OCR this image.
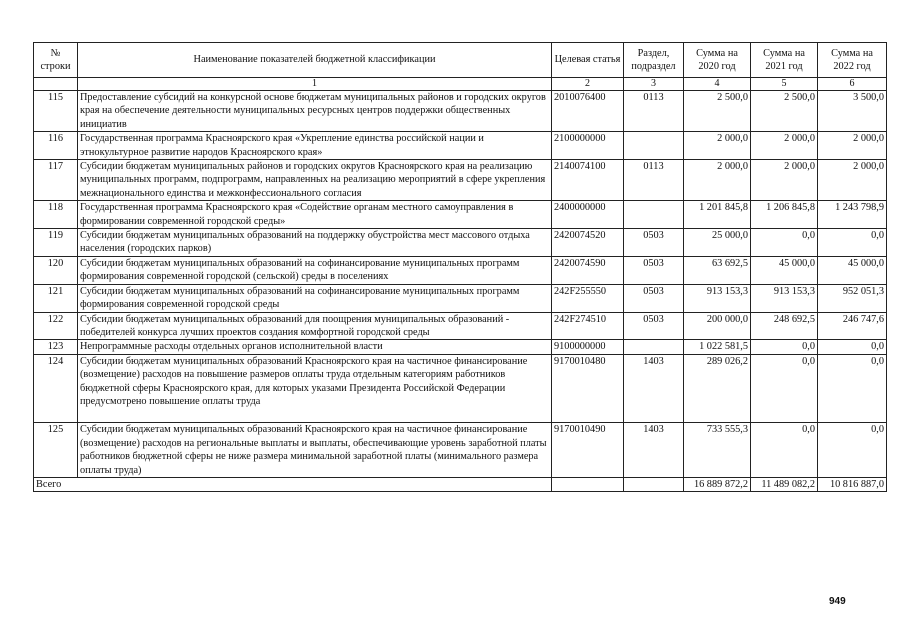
№ строки	Наименование показателей бюджетной классификации	Целевая статья	Раздел, подраздел	Сумма на 2020 год	Сумма на 2021 год	Сумма на 2022 год
	1	2	3	4	5	6
115	Предоставление субсидий на конкурсной основе бюджетам муниципальных районов и городских округов края на обеспечение деятельности муниципальных ресурсных центров поддержки общественных инициатив	2010076400	0113	2 500,0	2 500,0	3 500,0
116	Государственная программа Красноярского края «Укрепление единства российской нации и этнокультурное развитие народов Красноярского края»	2100000000		2 000,0	2 000,0	2 000,0
117	Субсидии бюджетам муниципальных районов и городских округов Красноярского края на реализацию муниципальных программ, подпрограмм, направленных на реализацию мероприятий в сфере укрепления межнационального единства и межконфессионального согласия	2140074100	0113	2 000,0	2 000,0	2 000,0
118	Государственная программа Красноярского края «Содействие органам местного самоуправления в формировании современной городской среды»	2400000000		1 201 845,8	1 206 845,8	1 243 798,9
119	Субсидии бюджетам муниципальных образований на поддержку обустройства мест массового отдыха населения (городских парков)	2420074520	0503	25 000,0	0,0	0,0
120	Субсидии бюджетам муниципальных образований на софинансирование муниципальных программ формирования современной городской (сельской) среды в поселениях	2420074590	0503	63 692,5	45 000,0	45 000,0
121	Субсидии бюджетам муниципальных образований на софинансирование муниципальных программ формирования современной городской среды	242F255550	0503	913 153,3	913 153,3	952 051,3
122	Субсидии бюджетам муниципальных образований для поощрения муниципальных образований - победителей конкурса лучших проектов создания комфортной городской среды	242F274510	0503	200 000,0	248 692,5	246 747,6
123	Непрограммные расходы отдельных органов исполнительной власти	9100000000		1 022 581,5	0,0	0,0
124	Субсидии бюджетам муниципальных образований Красноярского края на частичное финансирование (возмещение) расходов на повышение размеров оплаты труда отдельным категориям работников бюджетной сферы Красноярского края, для которых указами Президента Российской Федерации предусмотрено повышение оплаты труда	9170010480	1403	289 026,2	0,0	0,0
125	Субсидии бюджетам муниципальных образований Красноярского края на частичное финансирование (возмещение) расходов на региональные выплаты и выплаты, обеспечивающие уровень заработной платы работников бюджетной сферы не ниже размера минимальной заработной платы (минимального размера оплаты труда)	9170010490	1403	733 555,3	0,0	0,0
Всего				16 889 872,2	11 489 082,2	10 816 887,0
949
